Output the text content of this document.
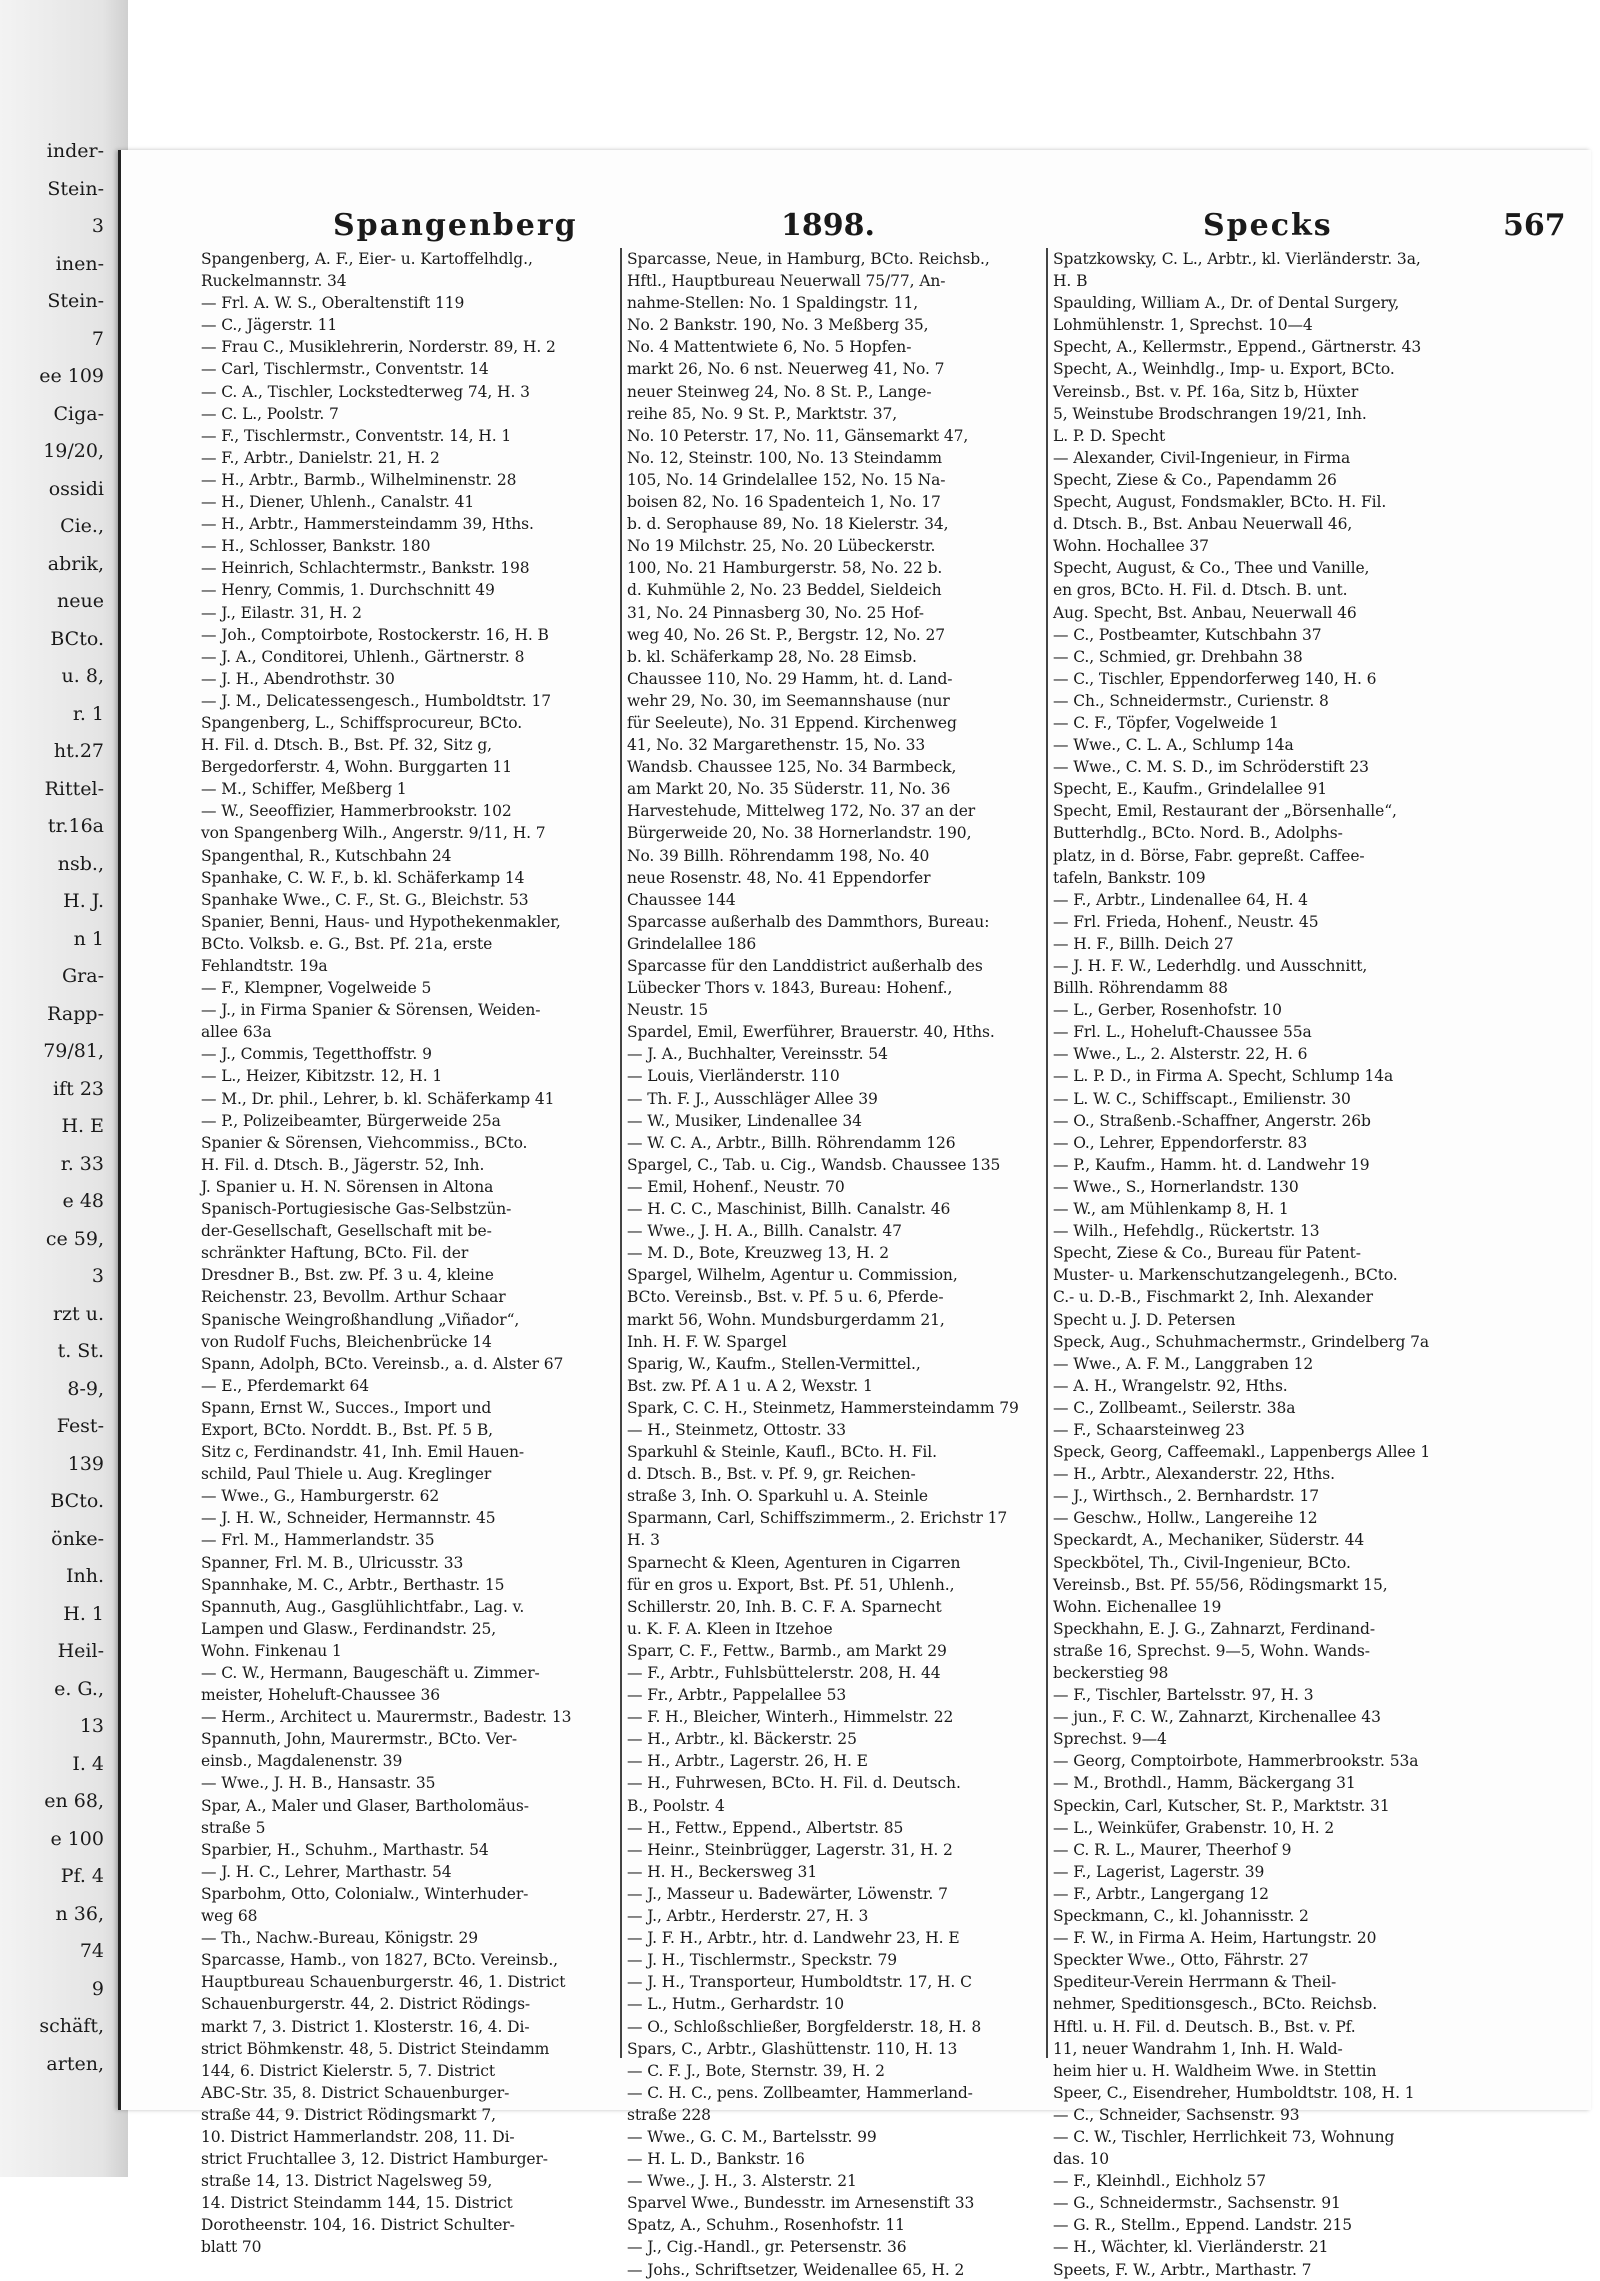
inder-
Stein-
3
inen-
Stein-
7
ee 109
Ciga-
19/20,
ossidi
Cie.,
abrik,
neue
BCto.
u. 8,
r. 1
ht.27
Rittel-
tr.16a
nsb.,
H. J.
n 1
Gra-
Rapp-
79/81,
ift 23
H. E
r. 33
e 48
ce 59,
3
rzt u.
t. St.
8-9,
Fest-
139
BCto.
önke-
Inh.
H. 1
Heil-
e. G.,
13
I. 4
en 68,
e 100
Pf. 4
n 36,
74
9
schäft,
arten,
Spangenberg	1898.	Specks	567
Spangenberg, A. F., Eier- u. Kartoffelhdlg.,
Ruckelmannstr. 34
— Frl. A. W. S., Oberaltenstift 119
— C., Jägerstr. 11
— Frau C., Musiklehrerin, Norderstr. 89, H. 2
— Carl, Tischlermstr., Conventstr. 14
— C. A., Tischler, Lockstedterweg 74, H. 3
— C. L., Poolstr. 7
— F., Tischlermstr., Conventstr. 14, H. 1
— F., Arbtr., Danielstr. 21, H. 2
— H., Arbtr., Barmb., Wilhelminenstr. 28
— H., Diener, Uhlenh., Canalstr. 41
— H., Arbtr., Hammersteindamm 39, Hths.
— H., Schlosser, Bankstr. 180
— Heinrich, Schlachtermstr., Bankstr. 198
— Henry, Commis, 1. Durchschnitt 49
— J., Eilastr. 31, H. 2
— Joh., Comptoirbote, Rostockerstr. 16, H. B
— J. A., Conditorei, Uhlenh., Gärtnerstr. 8
— J. H., Abendrothstr. 30
— J. M., Delicatessengesch., Humboldtstr. 17
Spangenberg, L., Schiffsprocureur, BCto.
H. Fil. d. Dtsch. B., Bst. Pf. 32, Sitz g,
Bergedorferstr. 4, Wohn. Burggarten 11
— M., Schiffer, Meßberg 1
— W., Seeoffizier, Hammerbrookstr. 102
von Spangenberg Wilh., Angerstr. 9/11, H. 7
Spangenthal, R., Kutschbahn 24
Spanhake, C. W. F., b. kl. Schäferkamp 14
Spanhake Wwe., C. F., St. G., Bleichstr. 53
Spanier, Benni, Haus- und Hypothekenmakler,
BCto. Volksb. e. G., Bst. Pf. 21a, erste
Fehlandtstr. 19a
— F., Klempner, Vogelweide 5
— J., in Firma Spanier & Sörensen, Weiden-
allee 63a
— J., Commis, Tegetthoffstr. 9
— L., Heizer, Kibitzstr. 12, H. 1
— M., Dr. phil., Lehrer, b. kl. Schäferkamp 41
— P., Polizeibeamter, Bürgerweide 25a
Spanier & Sörensen, Viehcommiss., BCto.
H. Fil. d. Dtsch. B., Jägerstr. 52, Inh.
J. Spanier u. H. N. Sörensen in Altona
Spanisch-Portugiesische Gas-Selbstzün-
der-Gesellschaft, Gesellschaft mit be-
schränkter Haftung, BCto. Fil. der
Dresdner B., Bst. zw. Pf. 3 u. 4, kleine
Reichenstr. 23, Bevollm. Arthur Schaar
Spanische Weingroßhandlung „Viñador“,
von Rudolf Fuchs, Bleichenbrücke 14
Spann, Adolph, BCto. Vereinsb., a. d. Alster 67
— E., Pferdemarkt 64
Spann, Ernst W., Succes., Import und
Export, BCto. Norddt. B., Bst. Pf. 5 B,
Sitz c, Ferdinandstr. 41, Inh. Emil Hauen-
schild, Paul Thiele u. Aug. Kreglinger
— Wwe., G., Hamburgerstr. 62
— J. H. W., Schneider, Hermannstr. 45
— Frl. M., Hammerlandstr. 35
Spanner, Frl. M. B., Ulricusstr. 33
Spannhake, M. C., Arbtr., Berthastr. 15
Spannuth, Aug., Gasglühlichtfabr., Lag. v.
Lampen und Glasw., Ferdinandstr. 25,
Wohn. Finkenau 1
— C. W., Hermann, Baugeschäft u. Zimmer-
meister, Hoheluft-Chaussee 36
— Herm., Architect u. Maurermstr., Badestr. 13
Spannuth, John, Maurermstr., BCto. Ver-
einsb., Magdalenenstr. 39
— Wwe., J. H. B., Hansastr. 35
Spar, A., Maler und Glaser, Bartholomäus-
straße 5
Sparbier, H., Schuhm., Marthastr. 54
— J. H. C., Lehrer, Marthastr. 54
Sparbohm, Otto, Colonialw., Winterhuder-
weg 68
— Th., Nachw.-Bureau, Königstr. 29
Sparcasse, Hamb., von 1827, BCto. Vereinsb.,
Hauptbureau Schauenburgerstr. 46, 1. District
Schauenburgerstr. 44, 2. District Rödings-
markt 7, 3. District 1. Klosterstr. 16, 4. Di-
strict Böhmkenstr. 48, 5. District Steindamm
144, 6. District Kielerstr. 5, 7. District
ABC-Str. 35, 8. District Schauenburger-
straße 44, 9. District Rödingsmarkt 7,
10. District Hammerlandstr. 208, 11. Di-
strict Fruchtallee 3, 12. District Hamburger-
straße 14, 13. District Nagelsweg 59,
14. District Steindamm 144, 15. District
Dorotheenstr. 104, 16. District Schulter-
blatt 70
Sparcasse, Neue, in Hamburg, BCto. Reichsb.,
Hftl., Hauptbureau Neuerwall 75/77, An-
nahme-Stellen: No. 1 Spaldingstr. 11,
No. 2 Bankstr. 190, No. 3 Meßberg 35,
No. 4 Mattentwiete 6, No. 5 Hopfen-
markt 26, No. 6 nst. Neuerweg 41, No. 7
neuer Steinweg 24, No. 8 St. P., Lange-
reihe 85, No. 9 St. P., Marktstr. 37,
No. 10 Peterstr. 17, No. 11, Gänsemarkt 47,
No. 12, Steinstr. 100, No. 13 Steindamm
105, No. 14 Grindelallee 152, No. 15 Na-
boisen 82, No. 16 Spadenteich 1, No. 17
b. d. Serophause 89, No. 18 Kielerstr. 34,
No 19 Milchstr. 25, No. 20 Lübeckerstr.
100, No. 21 Hamburgerstr. 58, No. 22 b.
d. Kuhmühle 2, No. 23 Beddel, Sieldeich
31, No. 24 Pinnasberg 30, No. 25 Hof-
weg 40, No. 26 St. P., Bergstr. 12, No. 27
b. kl. Schäferkamp 28, No. 28 Eimsb.
Chaussee 110, No. 29 Hamm, ht. d. Land-
wehr 29, No. 30, im Seemannshause (nur
für Seeleute), No. 31 Eppend. Kirchenweg
41, No. 32 Margarethenstr. 15, No. 33
Wandsb. Chaussee 125, No. 34 Barmbeck,
am Markt 20, No. 35 Süderstr. 11, No. 36
Harvestehude, Mittelweg 172, No. 37 an der
Bürgerweide 20, No. 38 Hornerlandstr. 190,
No. 39 Billh. Röhrendamm 198, No. 40
neue Rosenstr. 48, No. 41 Eppendorfer
Chaussee 144
Sparcasse außerhalb des Dammthors, Bureau:
Grindelallee 186
Sparcasse für den Landdistrict außerhalb des
Lübecker Thors v. 1843, Bureau: Hohenf.,
Neustr. 15
Spardel, Emil, Ewerführer, Brauerstr. 40, Hths.
— J. A., Buchhalter, Vereinsstr. 54
— Louis, Vierländerstr. 110
— Th. F. J., Ausschläger Allee 39
— W., Musiker, Lindenallee 34
— W. C. A., Arbtr., Billh. Röhrendamm 126
Spargel, C., Tab. u. Cig., Wandsb. Chaussee 135
— Emil, Hohenf., Neustr. 70
— H. C. C., Maschinist, Billh. Canalstr. 46
— Wwe., J. H. A., Billh. Canalstr. 47
— M. D., Bote, Kreuzweg 13, H. 2
Spargel, Wilhelm, Agentur u. Commission,
BCto. Vereinsb., Bst. v. Pf. 5 u. 6, Pferde-
markt 56, Wohn. Mundsburgerdamm 21,
Inh. H. F. W. Spargel
Sparig, W., Kaufm., Stellen-Vermittel.,
Bst. zw. Pf. A 1 u. A 2, Wexstr. 1
Spark, C. C. H., Steinmetz, Hammersteindamm 79
— H., Steinmetz, Ottostr. 33
Sparkuhl & Steinle, Kaufl., BCto. H. Fil.
d. Dtsch. B., Bst. v. Pf. 9, gr. Reichen-
straße 3, Inh. O. Sparkuhl u. A. Steinle
Sparmann, Carl, Schiffszimmerm., 2. Erichstr 17
H. 3
Sparnecht & Kleen, Agenturen in Cigarren
für en gros u. Export, Bst. Pf. 51, Uhlenh.,
Schillerstr. 20, Inh. B. C. F. A. Sparnecht
u. K. F. A. Kleen in Itzehoe
Sparr, C. F., Fettw., Barmb., am Markt 29
— F., Arbtr., Fuhlsbüttelerstr. 208, H. 44
— Fr., Arbtr., Pappelallee 53
— F. H., Bleicher, Winterh., Himmelstr. 22
— H., Arbtr., kl. Bäckerstr. 25
— H., Arbtr., Lagerstr. 26, H. E
— H., Fuhrwesen, BCto. H. Fil. d. Deutsch.
B., Poolstr. 4
— H., Fettw., Eppend., Albertstr. 85
— Heinr., Steinbrügger, Lagerstr. 31, H. 2
— H. H., Beckersweg 31
— J., Masseur u. Badewärter, Löwenstr. 7
— J., Arbtr., Herderstr. 27, H. 3
— J. F. H., Arbtr., htr. d. Landwehr 23, H. E
— J. H., Tischlermstr., Speckstr. 79
— J. H., Transporteur, Humboldtstr. 17, H. C
— L., Hutm., Gerhardstr. 10
— O., Schloßschließer, Borgfelderstr. 18, H. 8
Spars, C., Arbtr., Glashüttenstr. 110, H. 13
— C. F. J., Bote, Sternstr. 39, H. 2
— C. H. C., pens. Zollbeamter, Hammerland-
straße 228
— Wwe., G. C. M., Bartelsstr. 99
— H. L. D., Bankstr. 16
— Wwe., J. H., 3. Alsterstr. 21
Sparvel Wwe., Bundesstr. im Arnesenstift 33
Spatz, A., Schuhm., Rosenhofstr. 11
— J., Cig.-Handl., gr. Petersenstr. 36
— Johs., Schriftsetzer, Weidenallee 65, H. 2
Spatzkowsky, C. L., Arbtr., kl. Vierländerstr. 3a,
H. B
Spaulding, William A., Dr. of Dental Surgery,
Lohmühlenstr. 1, Sprechst. 10—4
Specht, A., Kellermstr., Eppend., Gärtnerstr. 43
Specht, A., Weinhdlg., Imp- u. Export, BCto.
Vereinsb., Bst. v. Pf. 16a, Sitz b, Hüxter
5, Weinstube Brodschrangen 19/21, Inh.
L. P. D. Specht
— Alexander, Civil-Ingenieur, in Firma
Specht, Ziese & Co., Papendamm 26
Specht, August, Fondsmakler, BCto. H. Fil.
d. Dtsch. B., Bst. Anbau Neuerwall 46,
Wohn. Hochallee 37
Specht, August, & Co., Thee und Vanille,
en gros, BCto. H. Fil. d. Dtsch. B. unt.
Aug. Specht, Bst. Anbau, Neuerwall 46
— C., Postbeamter, Kutschbahn 37
— C., Schmied, gr. Drehbahn 38
— C., Tischler, Eppendorferweg 140, H. 6
— Ch., Schneidermstr., Curienstr. 8
— C. F., Töpfer, Vogelweide 1
— Wwe., C. L. A., Schlump 14a
— Wwe., C. M. S. D., im Schröderstift 23
Specht, E., Kaufm., Grindelallee 91
Specht, Emil, Restaurant der „Börsenhalle“,
Butterhdlg., BCto. Nord. B., Adolphs-
platz, in d. Börse, Fabr. gepreßt. Caffee-
tafeln, Bankstr. 109
— F., Arbtr., Lindenallee 64, H. 4
— Frl. Frieda, Hohenf., Neustr. 45
— H. F., Billh. Deich 27
— J. H. F. W., Lederhdlg. und Ausschnitt,
Billh. Röhrendamm 88
— L., Gerber, Rosenhofstr. 10
— Frl. L., Hoheluft-Chaussee 55a
— Wwe., L., 2. Alsterstr. 22, H. 6
— L. P. D., in Firma A. Specht, Schlump 14a
— L. W. C., Schiffscapt., Emilienstr. 30
— O., Straßenb.-Schaffner, Angerstr. 26b
— O., Lehrer, Eppendorferstr. 83
— P., Kaufm., Hamm. ht. d. Landwehr 19
— Wwe., S., Hornerlandstr. 130
— W., am Mühlenkamp 8, H. 1
— Wilh., Hefehdlg., Rückertstr. 13
Specht, Ziese & Co., Bureau für Patent-
Muster- u. Markenschutzangelegenh., BCto.
C.- u. D.-B., Fischmarkt 2, Inh. Alexander
Specht u. J. D. Petersen
Speck, Aug., Schuhmachermstr., Grindelberg 7a
— Wwe., A. F. M., Langgraben 12
— A. H., Wrangelstr. 92, Hths.
— C., Zollbeamt., Seilerstr. 38a
— F., Schaarsteinweg 23
Speck, Georg, Caffeemakl., Lappenbergs Allee 1
— H., Arbtr., Alexanderstr. 22, Hths.
— J., Wirthsch., 2. Bernhardstr. 17
— Geschw., Hollw., Langereihe 12
Speckardt, A., Mechaniker, Süderstr. 44
Speckbötel, Th., Civil-Ingenieur, BCto.
Vereinsb., Bst. Pf. 55/56, Rödingsmarkt 15,
Wohn. Eichenallee 19
Speckhahn, E. J. G., Zahnarzt, Ferdinand-
straße 16, Sprechst. 9—5, Wohn. Wands-
beckerstieg 98
— F., Tischler, Bartelsstr. 97, H. 3
— jun., F. C. W., Zahnarzt, Kirchenallee 43
Sprechst. 9—4
— Georg, Comptoirbote, Hammerbrookstr. 53a
— M., Brothdl., Hamm, Bäckergang 31
Speckin, Carl, Kutscher, St. P., Marktstr. 31
— L., Weinküfer, Grabenstr. 10, H. 2
— C. R. L., Maurer, Theerhof 9
— F., Lagerist, Lagerstr. 39
— F., Arbtr., Langergang 12
Speckmann, C., kl. Johannisstr. 2
— F. W., in Firma A. Heim, Hartungstr. 20
Speckter Wwe., Otto, Fährstr. 27
Spediteur-Verein Herrmann & Theil-
nehmer, Speditionsgesch., BCto. Reichsb.
Hftl. u. H. Fil. d. Deutsch. B., Bst. v. Pf.
11, neuer Wandrahm 1, Inh. H. Wald-
heim hier u. H. Waldheim Wwe. in Stettin
Speer, C., Eisendreher, Humboldtstr. 108, H. 1
— C., Schneider, Sachsenstr. 93
— C. W., Tischler, Herrlichkeit 73, Wohnung
das. 10
— F., Kleinhdl., Eichholz 57
— G., Schneidermstr., Sachsenstr. 91
— G. R., Stellm., Eppend. Landstr. 215
— H., Wächter, kl. Vierländerstr. 21
Speets, F. W., Arbtr., Marthastr. 7
